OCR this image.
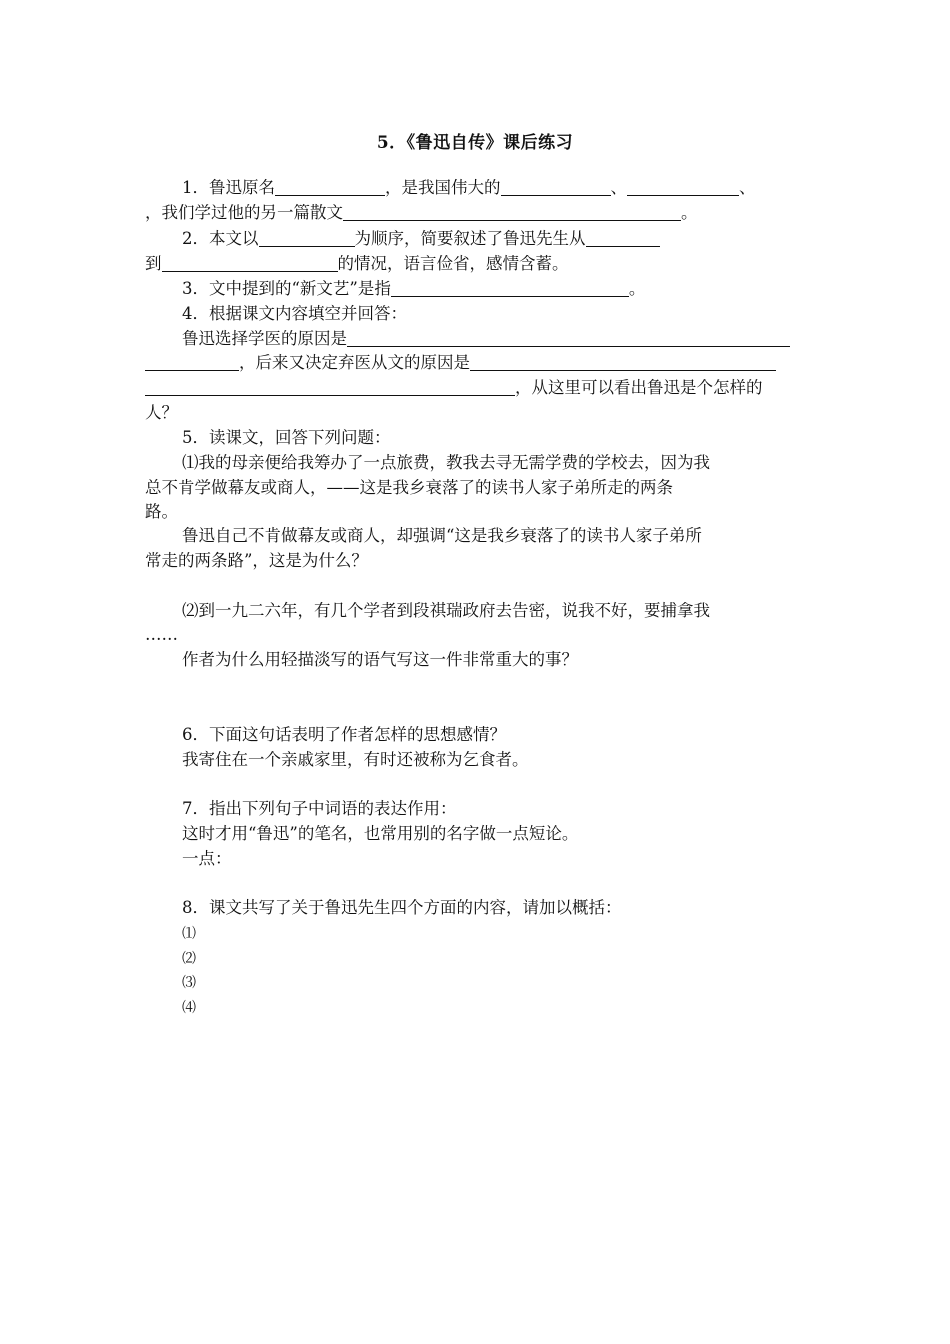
5．《鲁迅自传》课后练习
1．鲁迅原名	，是我国伟大的	、	、
，我们学过他的另一篇散文	。
2．本文以	为顺序，简要叙述了鲁迅先生从
到	的情况，语言俭省，感情含蓄。
3．文中提到的“新文艺”是指	。
4．根据课文内容填空并回答：
鲁迅选择学医的原因是
，后来又决定弃医从文的原因是
，从这里可以看出鲁迅是个怎样的
人？
5．读课文，回答下列问题：
⑴我的母亲便给我筹办了一点旅费，教我去寻无需学费的学校去，因为我
总不肯学做幕友或商人，——这是我乡衰落了的读书人家子弟所走的两条
路。
鲁迅自己不肯做幕友或商人，却强调“这是我乡衰落了的读书人家子弟所
常走的两条路”，这是为什么？
⑵到一九二六年，有几个学者到段祺瑞政府去告密，说我不好，要捕拿我
……
作者为什么用轻描淡写的语气写这一件非常重大的事？
6．下面这句话表明了作者怎样的思想感情？
我寄住在一个亲戚家里，有时还被称为乞食者。
7．指出下列句子中词语的表达作用：
这时才用“鲁迅”的笔名，也常用别的名字做一点短论。
一点：
8．课文共写了关于鲁迅先生四个方面的内容，请加以概括：
⑴
⑵
⑶
⑷
